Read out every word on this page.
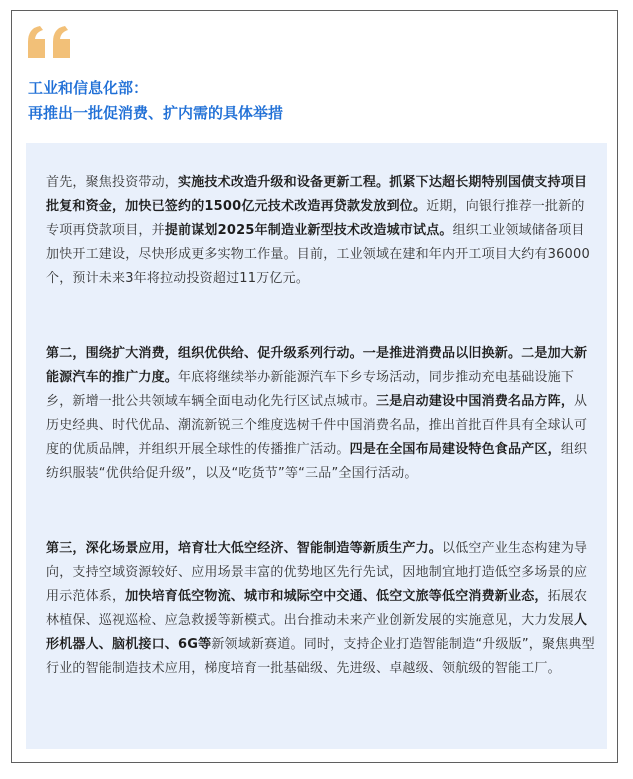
工业和信息化部：
再推出一批促消费、扩内需的具体举措

首先，聚焦投资带动，实施技术改造升级和设备更新工程。抓紧下达超长期特别国债支持项目批复和资金，加快已签约的1500亿元技术改造再贷款发放到位。近期，向银行推荐一批新的专项再贷款项目，并提前谋划2025年制造业新型技术改造城市试点。组织工业领域储备项目加快开工建设，尽快形成更多实物工作量。目前，工业领域在建和年内开工项目大约有36000个，预计未来3年将拉动投资超过11万亿元。

第二，围绕扩大消费，组织优供给、促升级系列行动。一是推进消费品以旧换新。二是加大新能源汽车的推广力度。年底将继续举办新能源汽车下乡专场活动，同步推动充电基础设施下乡，新增一批公共领域车辆全面电动化先行区试点城市。三是启动建设中国消费名品方阵，从历史经典、时代优品、潮流新锐三个维度选树千件中国消费名品，推出首批百件具有全球认可度的优质品牌，并组织开展全球性的传播推广活动。四是在全国布局建设特色食品产区，组织纺织服装“优供给促升级”，以及“吃货节”等“三品”全国行活动。

第三，深化场景应用，培育壮大低空经济、智能制造等新质生产力。以低空产业生态构建为导向，支持空域资源较好、应用场景丰富的优势地区先行先试，因地制宜地打造低空多场景的应用示范体系，加快培育低空物流、城市和城际空中交通、低空文旅等低空消费新业态，拓展农林植保、巡视巡检、应急救援等新模式。出台推动未来产业创新发展的实施意见，大力发展人形机器人、脑机接口、6G等新领域新赛道。同时，支持企业打造智能制造“升级版”，聚焦典型行业的智能制造技术应用，梯度培育一批基础级、先进级、卓越级、领航级的智能工厂。
